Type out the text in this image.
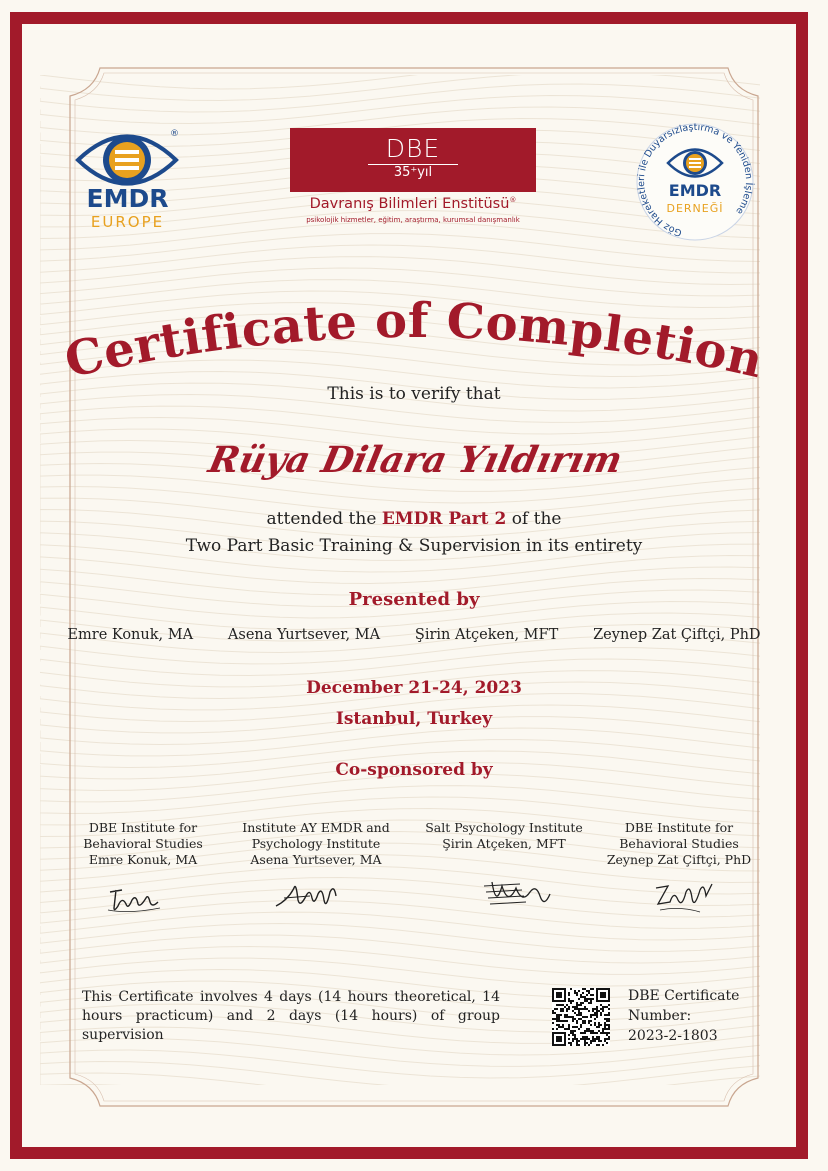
®
EMDR
EUROPE
DBE
35⁺yıl
Davranış Bilimleri Enstitüsü®
psikolojik hizmetler, eğitim, araştırma, kurumsal danışmanlık
Göz Hareketleri ile Duyarsızlaştırma ve Yeniden İşleme
EMDR
DERNEĞİ
Certificate of Completion
This is to verify that
Rüya Dilara Yıldırım
attended the EMDR Part 2 of the
Two Part Basic Training & Supervision in its entirety
Presented by
Emre Konuk, MA Asena Yurtsever, MA Şirin Atçeken, MFT Zeynep Zat Çiftçi, PhD
December 21-24, 2023
Istanbul, Turkey
Co-sponsored by
DBE Institute for
Behavioral Studies
Emre Konuk, MA
Institute AY EMDR and
Psychology Institute
Asena Yurtsever, MA
Salt Psychology Institute
Şirin Atçeken, MFT
DBE Institute for
Behavioral Studies
Zeynep Zat Çiftçi, PhD
This Certificate involves 4 days (14 hours theoretical, 14 hours practicum) and 2 days (14 hours) of group supervision
DBE Certificate
Number:
2023-2-1803
